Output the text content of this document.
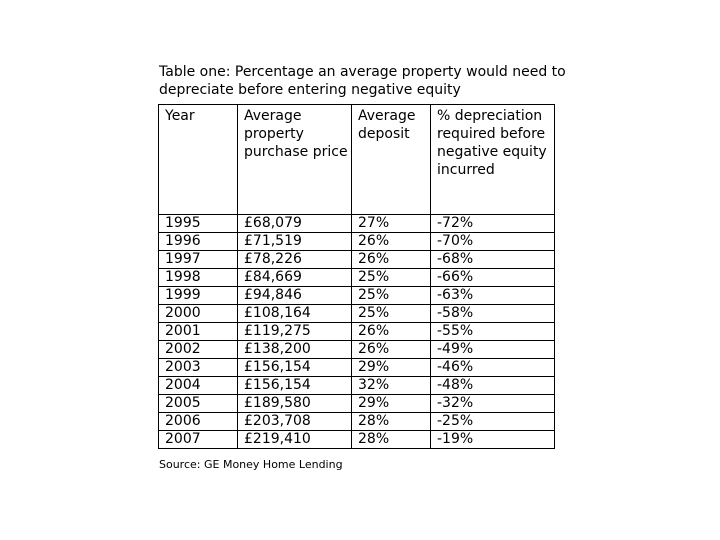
Table one: Percentage an average property would need to depreciate before entering negative equity
Year	Average property purchase price	Average deposit	% depreciation required before negative equity incurred
1995	£68,079	27%	-72%
1996	£71,519	26%	-70%
1997	£78,226	26%	-68%
1998	£84,669	25%	-66%
1999	£94,846	25%	-63%
2000	£108,164	25%	-58%
2001	£119,275	26%	-55%
2002	£138,200	26%	-49%
2003	£156,154	29%	-46%
2004	£156,154	32%	-48%
2005	£189,580	29%	-32%
2006	£203,708	28%	-25%
2007	£219,410	28%	-19%
Source: GE Money Home Lending
